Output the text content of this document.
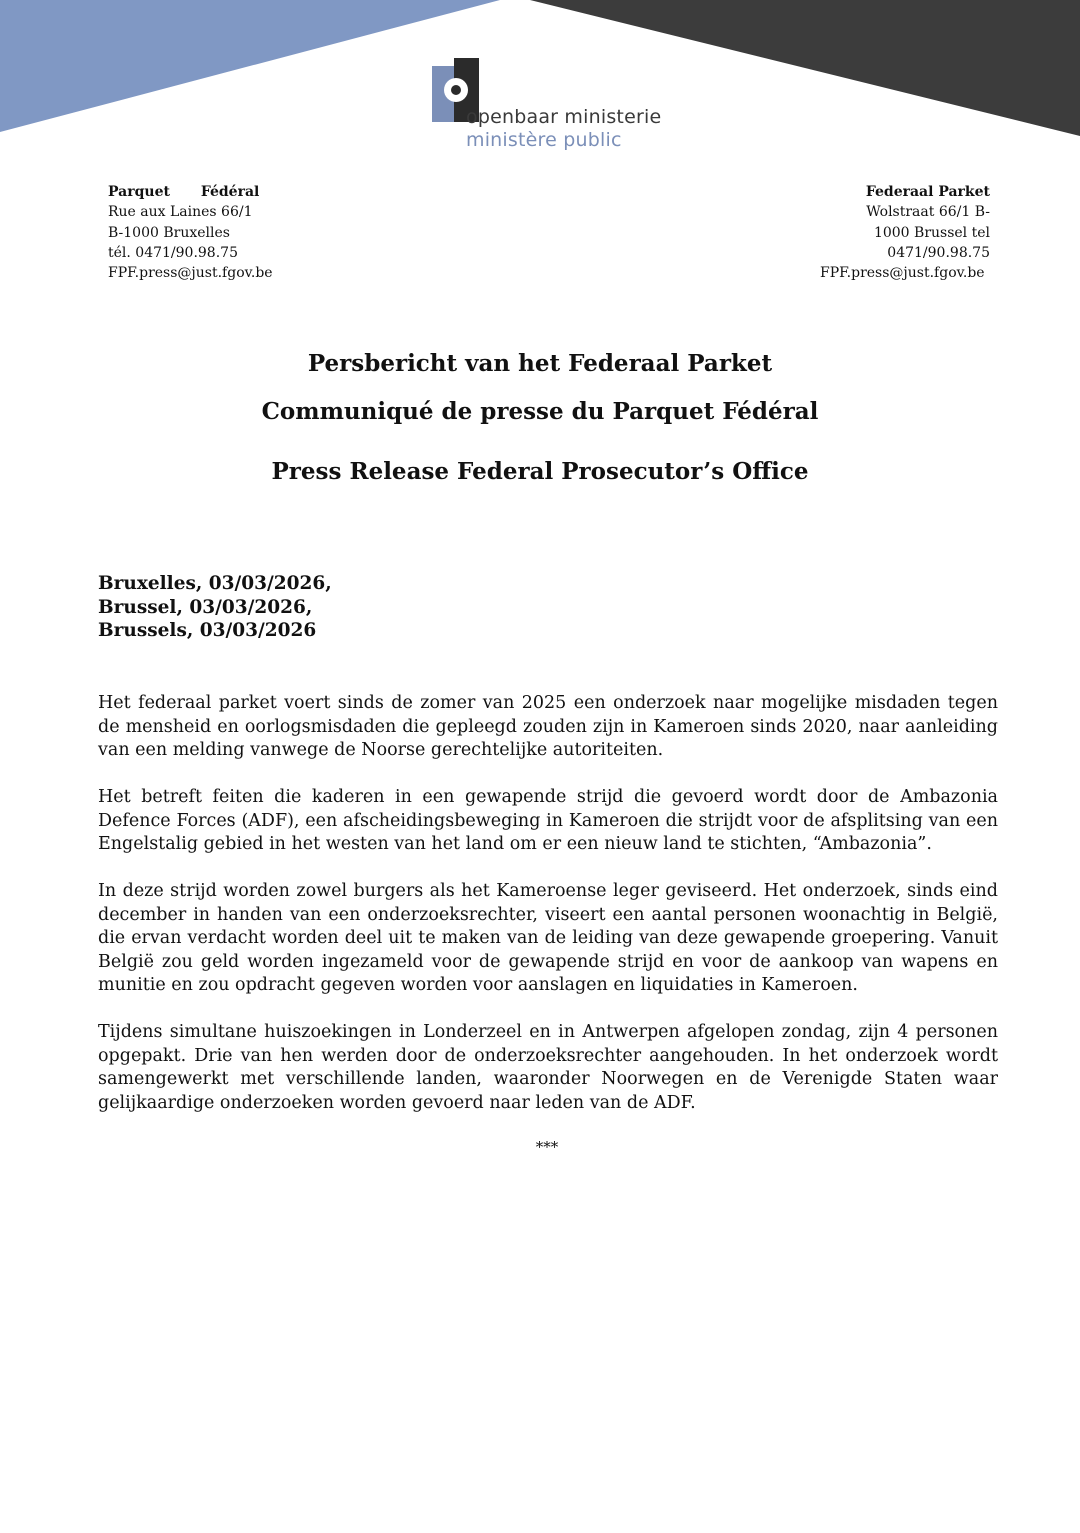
openbaar ministerie
ministère public
Parquet Fédéral
Rue aux Laines 66/1
B-1000 Bruxelles
tél. 0471/90.98.75
FPF.press@just.fgov.be
Federaal Parket
Wolstraat 66/1 B-
1000 Brussel tel
0471/90.98.75
FPF.press@just.fgov.be
Persbericht van het Federaal Parket
Communiqué de presse du Parquet Fédéral
Press Release Federal Prosecutor’s Office
Bruxelles, 03/03/2026,
Brussel, 03/03/2026,
Brussels, 03/03/2026

Het federaal parket voert sinds de zomer van 2025 een onderzoek naar mogelijke misdaden tegen de mensheid en oorlogsmisdaden die gepleegd zouden zijn in Kameroen sinds 2020, naar aanleiding van een melding vanwege de Noorse gerechtelijke autoriteiten.

Het betreft feiten die kaderen in een gewapende strijd die gevoerd wordt door de Ambazonia Defence Forces (ADF), een afscheidingsbeweging in Kameroen die strijdt voor de afsplitsing van een Engelstalig gebied in het westen van het land om er een nieuw land te stichten, “Ambazonia”.

In deze strijd worden zowel burgers als het Kameroense leger geviseerd. Het onderzoek, sinds eind december in handen van een onderzoeksrechter, viseert een aantal personen woonachtig in België, die ervan verdacht worden deel uit te maken van de leiding van deze gewapende groepering. Vanuit België zou geld worden ingezameld voor de gewapende strijd en voor de aankoop van wapens en munitie en zou opdracht gegeven worden voor aanslagen en liquidaties in Kameroen.

Tijdens simultane huiszoekingen in Londerzeel en in Antwerpen afgelopen zondag, zijn 4 personen opgepakt. Drie van hen werden door de onderzoeksrechter aangehouden. In het onderzoek wordt samengewerkt met verschillende landen, waaronder Noorwegen en de Verenigde Staten waar gelijkaardige onderzoeken worden gevoerd naar leden van de ADF.

***
